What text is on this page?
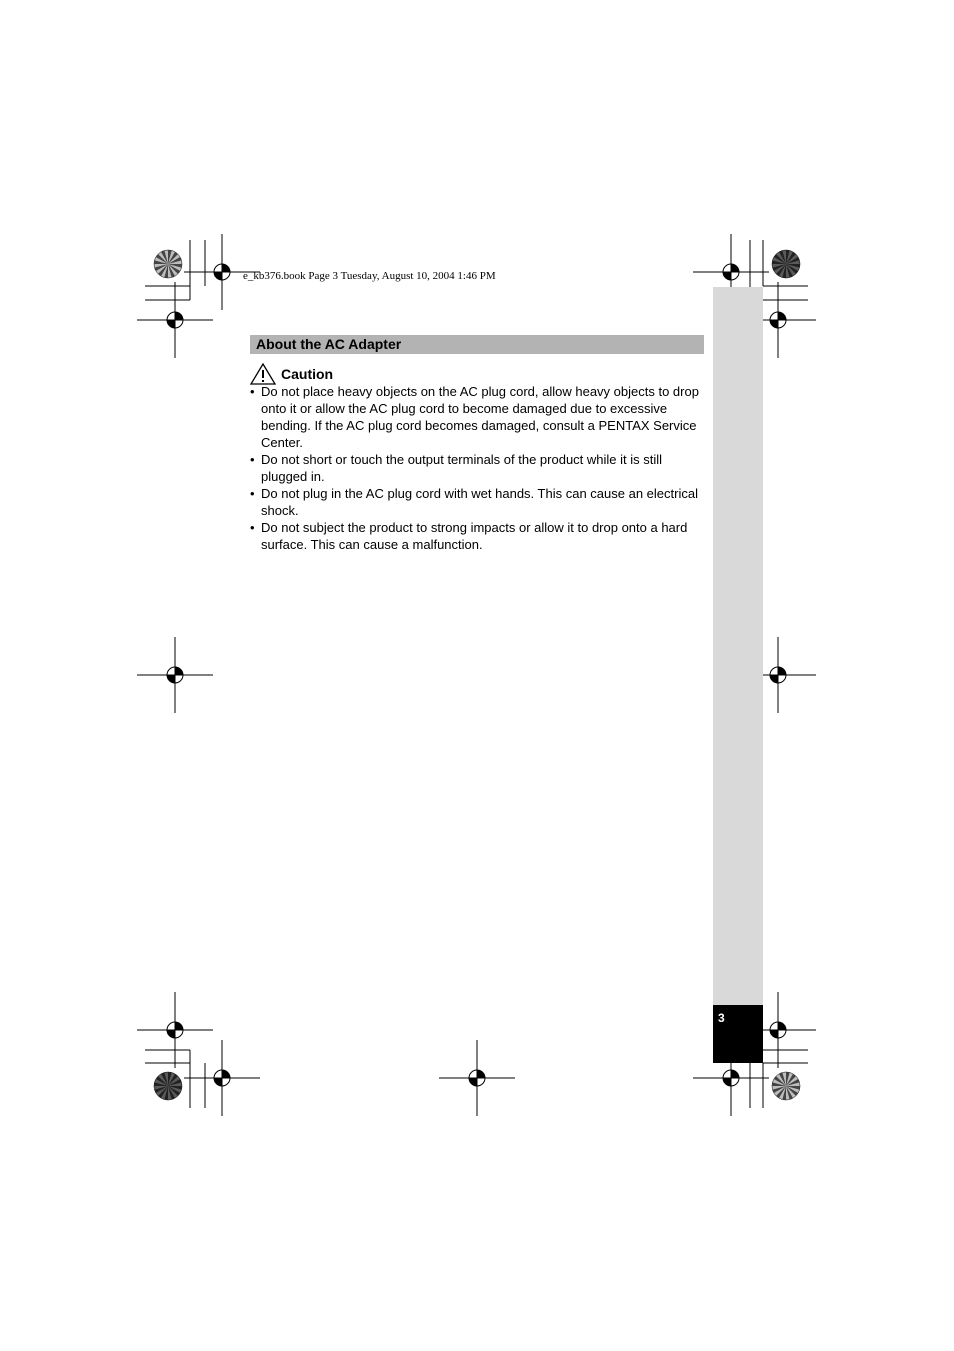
e_kb376.book Page 3 Tuesday, August 10, 2004 1:46 PM
3
About the AC Adapter
Caution
• Do not place heavy objects on the AC plug cord, allow heavy objects to drop onto it or allow the AC plug cord to become damaged due to excessive bending. If the AC plug cord becomes damaged, consult a PENTAX Service Center.
• Do not short or touch the output terminals of the product while it is still plugged in.
• Do not plug in the AC plug cord with wet hands. This can cause an electrical shock.
• Do not subject the product to strong impacts or allow it to drop onto a hard surface. This can cause a malfunction.
